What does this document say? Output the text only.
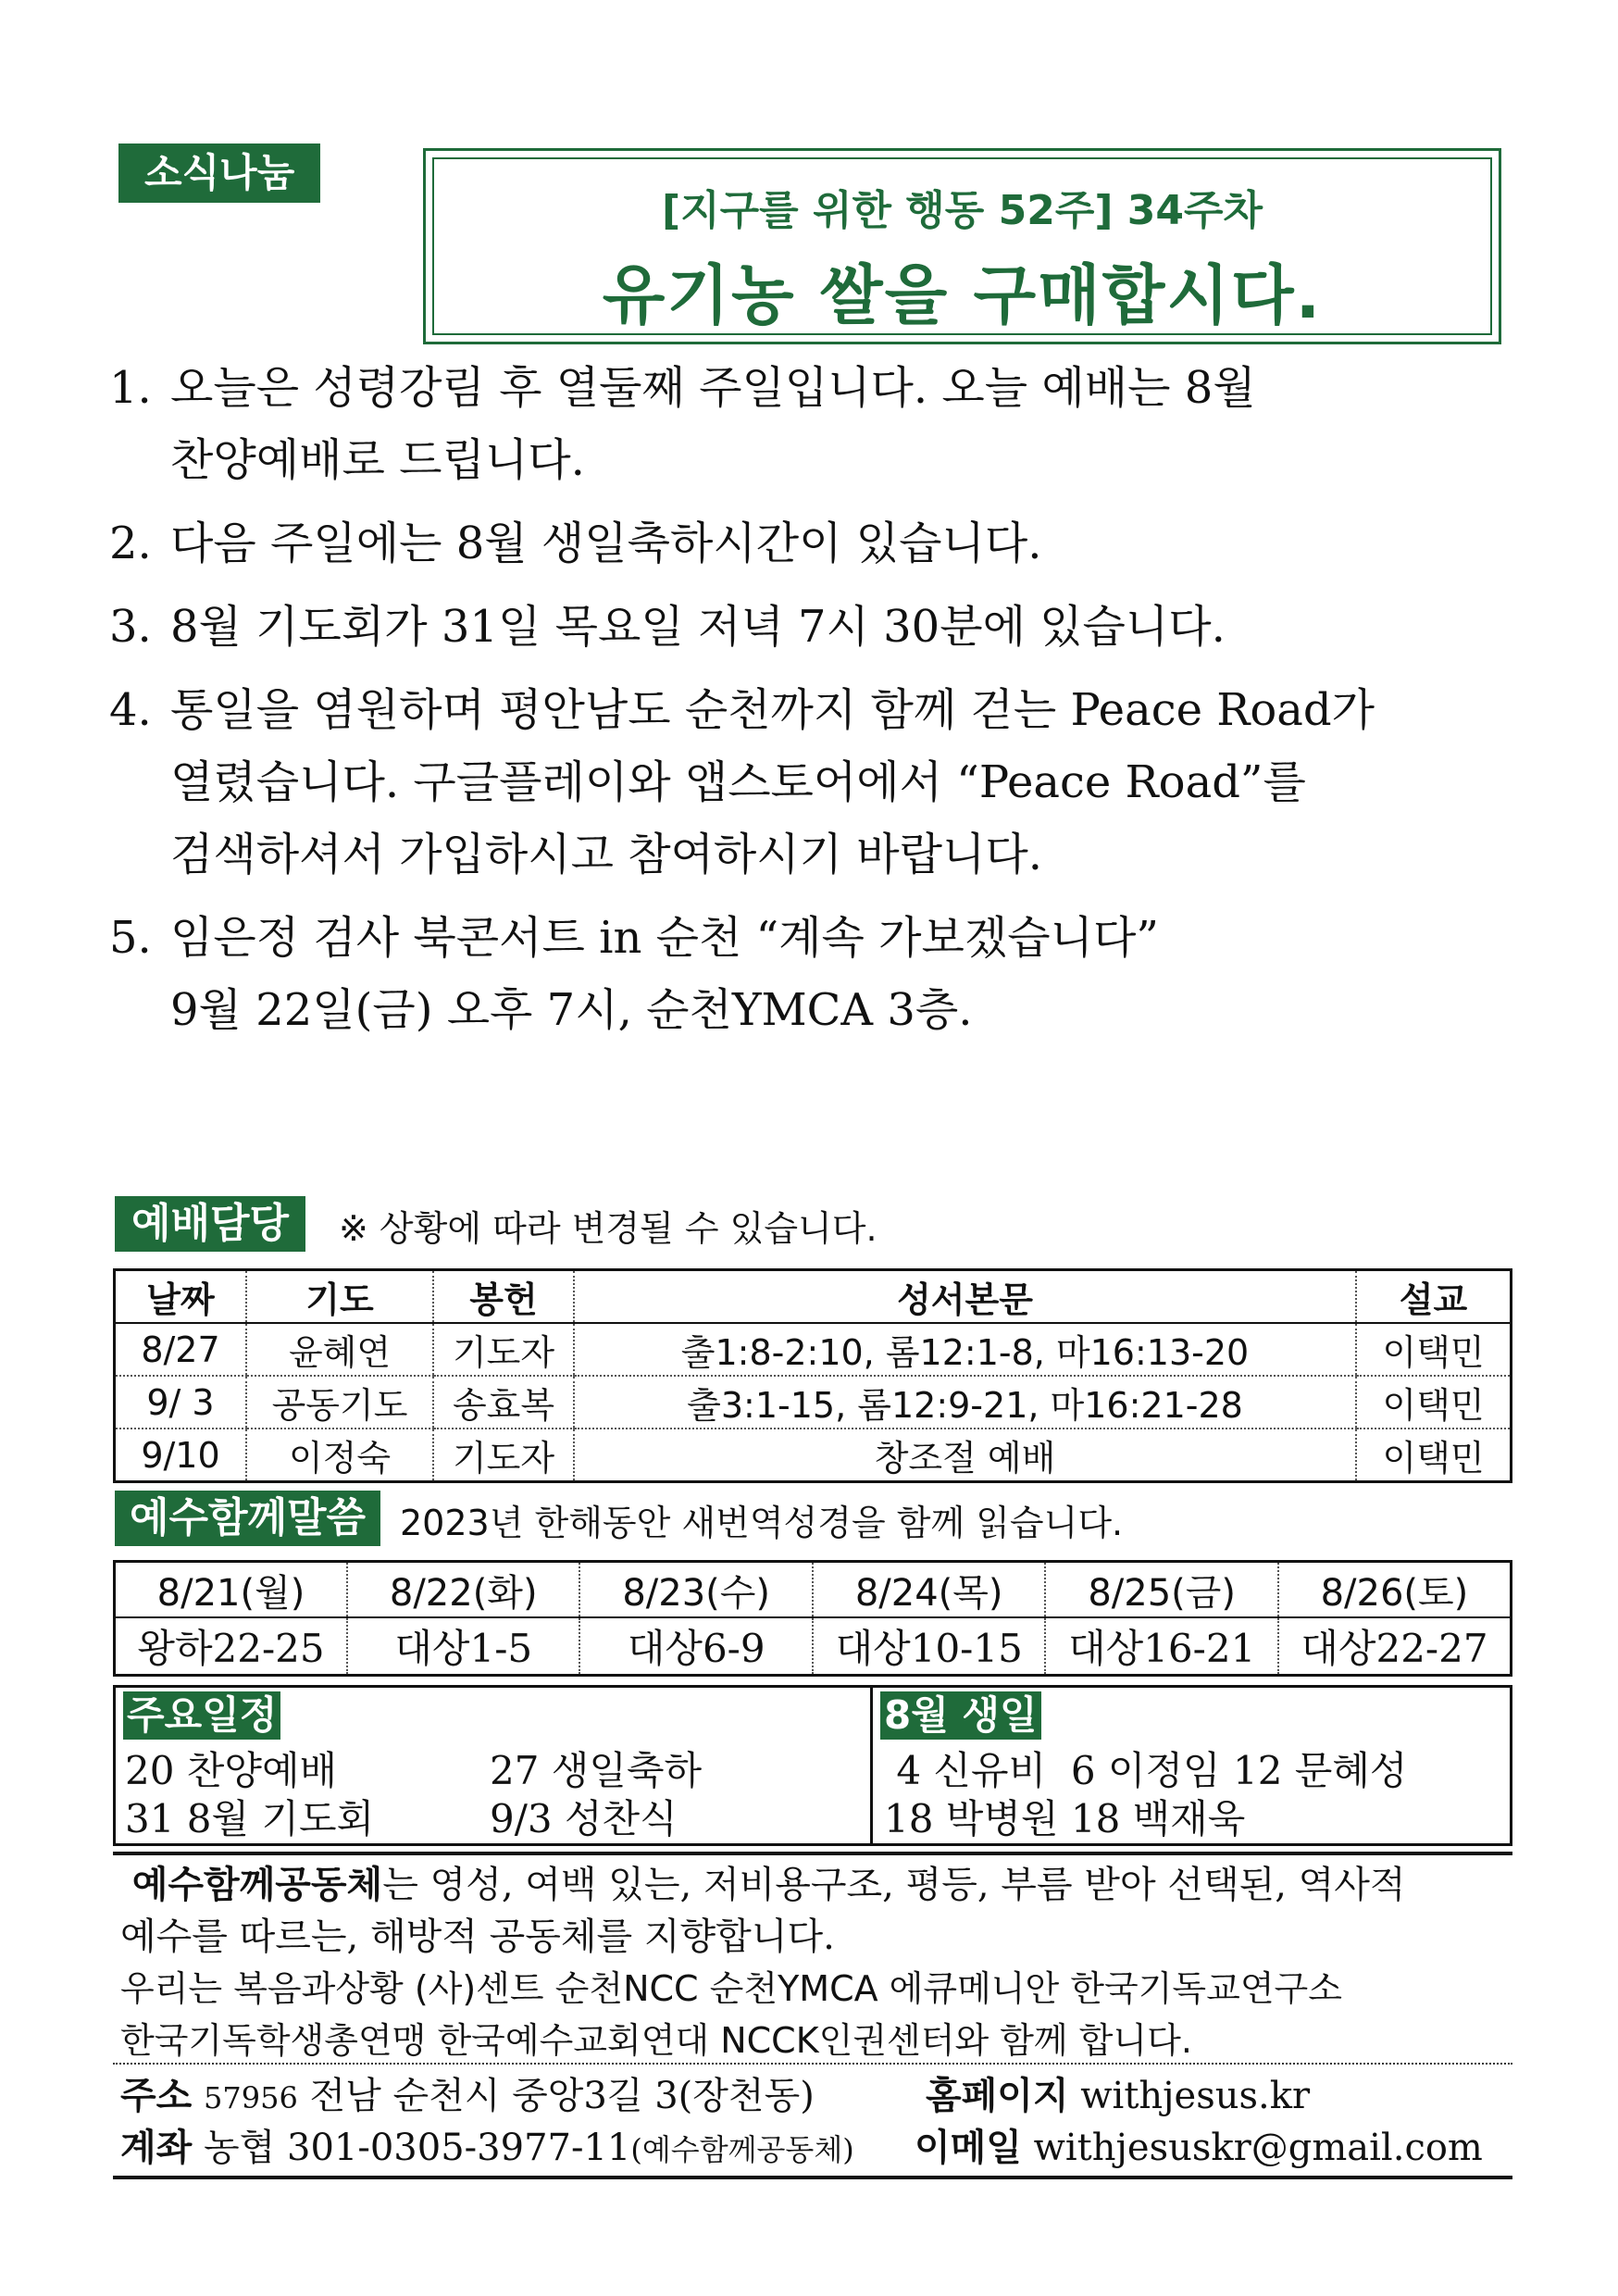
소식나눔
[지구를 위한 행동 52주] 34주차
유기농 쌀을 구매합시다.
1. 오늘은 성령강림 후 열둘째 주일입니다. 오늘 예배는 8월
찬양예배로 드립니다.
2. 다음 주일에는 8월 생일축하시간이 있습니다.
3. 8월 기도회가 31일 목요일 저녁 7시 30분에 있습니다.
4. 통일을 염원하며 평안남도 순천까지 함께 걷는 Peace Road가
열렸습니다. 구글플레이와 앱스토어에서 “Peace Road”를
검색하셔서 가입하시고 참여하시기 바랍니다.
5. 임은정 검사 북콘서트 in 순천 “계속 가보겠습니다”
9월 22일(금) 오후 7시, 순천YMCA 3층.
예배담당	※ 상황에 따라 변경될 수 있습니다.
날짜	기도	봉헌	성서본문	설교
8/27	윤혜연	기도자	출1:8-2:10, 롬12:1-8, 마16:13-20	이택민
9/ 3	공동기도	송효복	출3:1-15, 롬12:9-21, 마16:21-28	이택민
9/10	이정숙	기도자	창조절 예배	이택민
예수함께말씀 2023년 한해동안 새번역성경을 함께 읽습니다.
8/21(월)	8/22(화)	8/23(수)	8/24(목)	8/25(금)	8/26(토)
왕하22-25	대상1-5	대상6-9	대상10-15	대상16-21	대상22-27
주요일정
20 찬양예배	27 생일축하
31 8월 기도회	9/3 성찬식
8월 생일
4 신유비  6 이정임 12 문혜성
18 박병원 18 백재욱

예수함께공동체는 영성, 여백 있는, 저비용구조, 평등, 부름 받아 선택된, 역사적

예수를 따르는, 해방적 공동체를 지향합니다.

우리는 복음과상황 (사)센트 순천NCC 순천YMCA 에큐메니안 한국기독교연구소

한국기독학생총연맹 한국예수교회연대 NCCK인권센터와 함께 합니다.

주소 57956 전남 순천시 중앙3길 3(장천동)	홈페이지 withjesus.kr
계좌 농협 301-0305-3977-11(예수함께공동체) 이메일 withjesuskr@gmail.com
